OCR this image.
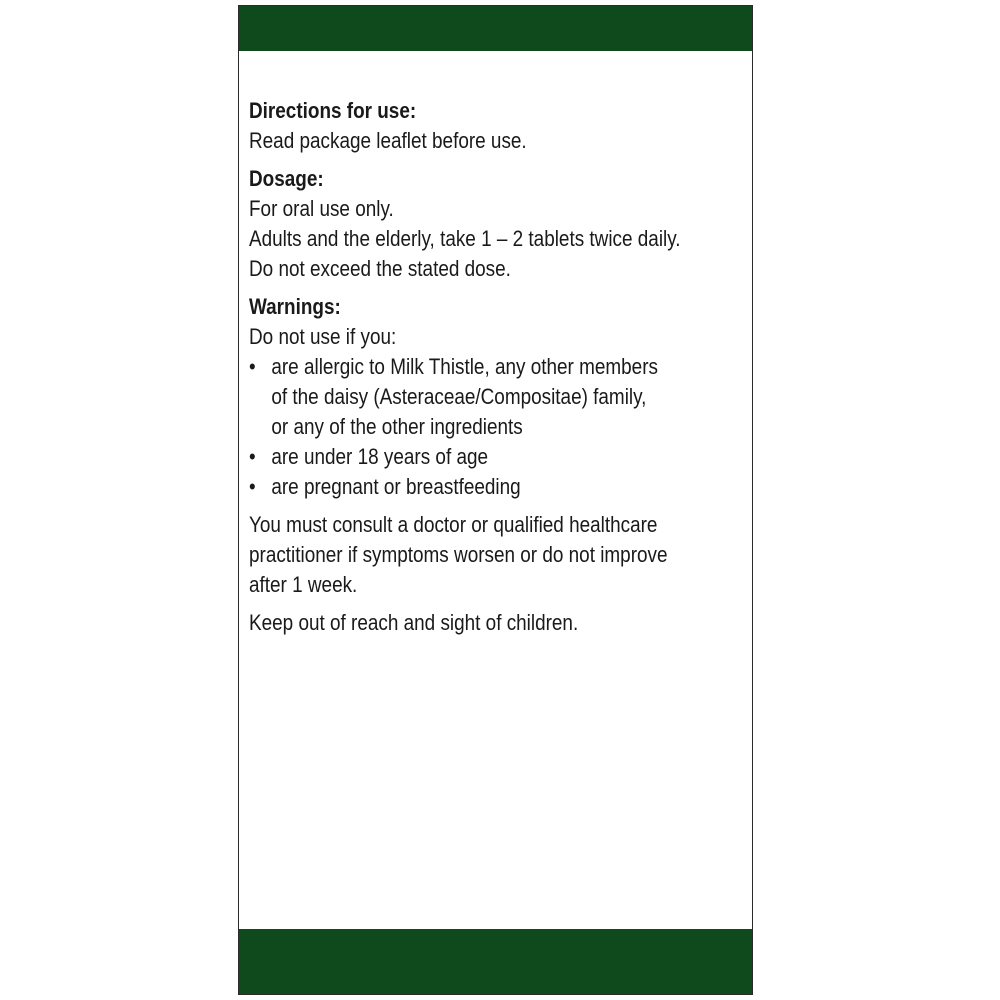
Directions for use:

Read package leaflet before use.

Dosage:

For oral use only.

Adults and the elderly, take 1 – 2 tablets twice daily.

Do not exceed the stated dose.

Warnings:

Do not use if you:

• are allergic to Milk Thistle, any other members
of the daisy (Asteraceae/Compositae) family,
or any of the other ingredients
• are under 18 years of age
• are pregnant or breastfeeding
You must consult a doctor or qualified healthcare
practitioner if symptoms worsen or do not improve
after 1 week.

Keep out of reach and sight of children.
